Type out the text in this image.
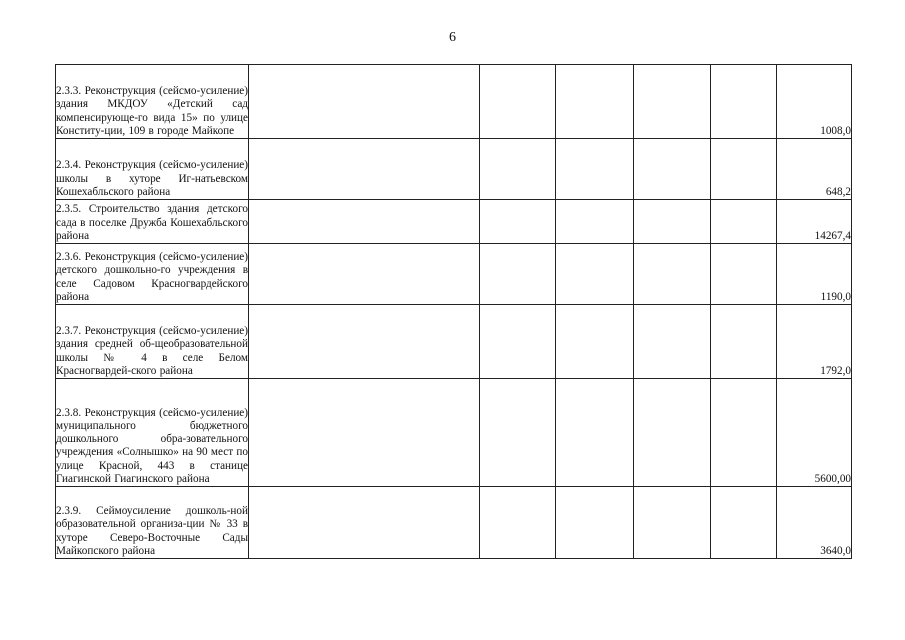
6
2.3.3. Реконструкция (сейсмо-усиление) здания МКДОУ «Детский сад компенсирующе-го вида 15» по улице Конститу-ции, 109 в городе Майкопе						1008,0

2.3.4. Реконструкция (сейсмо-усиление) школы в хуторе Иг-натьевском Кошехабльского района						648,2

2.3.5. Строительство здания детского сада в поселке Дружба Кошехабльского района						14267,4

2.3.6. Реконструкция (сейсмо-усиление) детского дошкольно-го учреждения в селе Садовом Красногвардейского района						1190,0

2.3.7. Реконструкция (сейсмо-усиление) здания средней об-щеобразовательной школы № 4 в селе Белом Красногвардей-ского района						1792,0

2.3.8. Реконструкция (сейсмо-усиление) муниципального бюджетного дошкольного обра-зовательного учреждения «Солнышко» на 90 мест по улице Красной, 443 в станице Гиагинской Гиагинского района						5600,00

2.3.9. Сеймоусиление дошколь-ной образовательной организа-ции № 33 в хуторе Северо-Восточные Сады Майкопского района						3640,0
